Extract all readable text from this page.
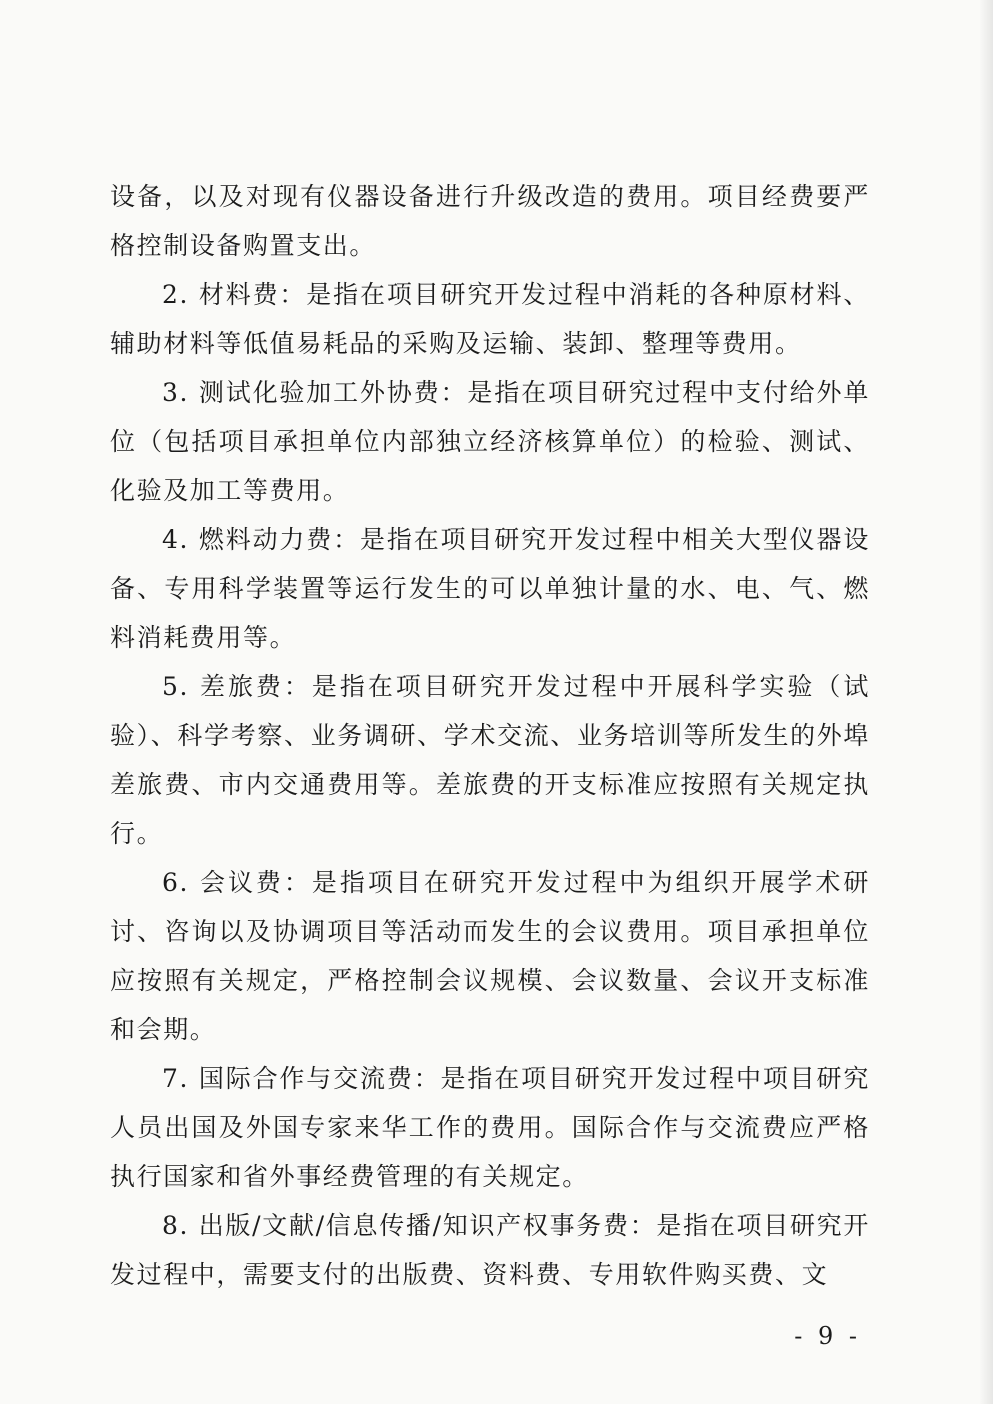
设备，以及对现有仪器设备进行升级改造的费用。项目经费要严格控制设备购置支出。

2. 材料费：是指在项目研究开发过程中消耗的各种原材料、辅助材料等低值易耗品的采购及运输、装卸、整理等费用。

3. 测试化验加工外协费：是指在项目研究过程中支付给外单位（包括项目承担单位内部独立经济核算单位）的检验、测试、化验及加工等费用。

4. 燃料动力费：是指在项目研究开发过程中相关大型仪器设备、专用科学装置等运行发生的可以单独计量的水、电、气、燃料消耗费用等。

5. 差旅费：是指在项目研究开发过程中开展科学实验（试验）、科学考察、业务调研、学术交流、业务培训等所发生的外埠差旅费、市内交通费用等。差旅费的开支标准应按照有关规定执行。

6. 会议费：是指项目在研究开发过程中为组织开展学术研讨、咨询以及协调项目等活动而发生的会议费用。项目承担单位应按照有关规定，严格控制会议规模、会议数量、会议开支标准和会期。

7. 国际合作与交流费：是指在项目研究开发过程中项目研究人员出国及外国专家来华工作的费用。国际合作与交流费应严格执行国家和省外事经费管理的有关规定。

8. 出版/文献/信息传播/知识产权事务费：是指在项目研究开发过程中，需要支付的出版费、资料费、专用软件购买费、文

- 9 -
